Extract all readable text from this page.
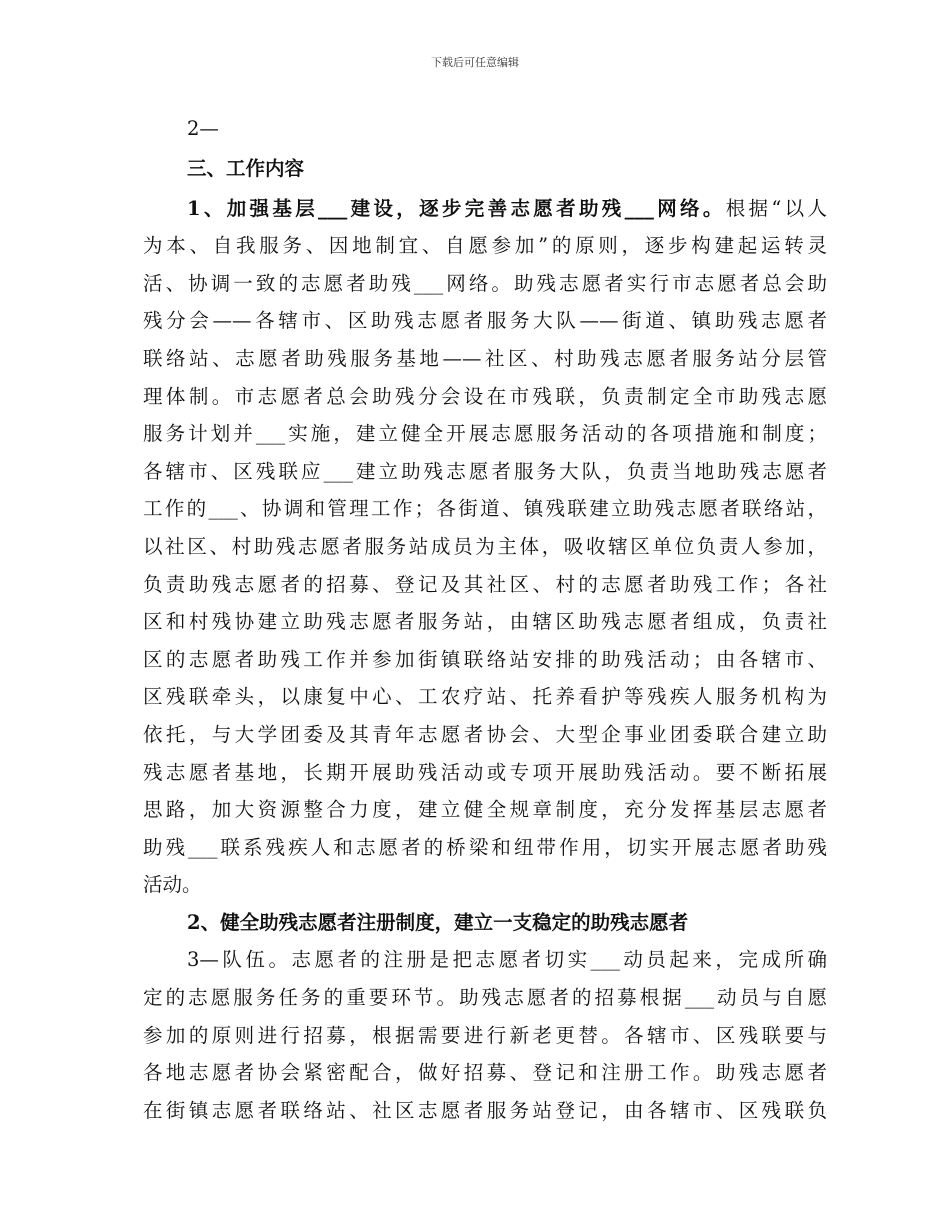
下载后可任意编辑
2—
三、工作内容
1、加强基层___建设，逐步完善志愿者助残___网络。根据“以人
为本、自我服务、因地制宜、自愿参加”的原则，逐步构建起运转灵
活、协调一致的志愿者助残___网络。助残志愿者实行市志愿者总会助
残分会——各辖市、区助残志愿者服务大队——街道、镇助残志愿者
联络站、志愿者助残服务基地——社区、村助残志愿者服务站分层管
理体制。市志愿者总会助残分会设在市残联，负责制定全市助残志愿
服务计划并___实施，建立健全开展志愿服务活动的各项措施和制度；
各辖市、区残联应___建立助残志愿者服务大队，负责当地助残志愿者
工作的___、协调和管理工作；各街道、镇残联建立助残志愿者联络站，
以社区、村助残志愿者服务站成员为主体，吸收辖区单位负责人参加，
负责助残志愿者的招募、登记及其社区、村的志愿者助残工作；各社
区和村残协建立助残志愿者服务站，由辖区助残志愿者组成，负责社
区的志愿者助残工作并参加街镇联络站安排的助残活动；由各辖市、
区残联牵头，以康复中心、工农疗站、托养看护等残疾人服务机构为
依托，与大学团委及其青年志愿者协会、大型企事业团委联合建立助
残志愿者基地，长期开展助残活动或专项开展助残活动。要不断拓展
思路，加大资源整合力度，建立健全规章制度，充分发挥基层志愿者
助残___联系残疾人和志愿者的桥梁和纽带作用，切实开展志愿者助残
活动。
2、健全助残志愿者注册制度，建立一支稳定的助残志愿者
3—队伍。志愿者的注册是把志愿者切实___动员起来，完成所确
定的志愿服务任务的重要环节。助残志愿者的招募根据___动员与自愿
参加的原则进行招募，根据需要进行新老更替。各辖市、区残联要与
各地志愿者协会紧密配合，做好招募、登记和注册工作。助残志愿者
在街镇志愿者联络站、社区志愿者服务站登记，由各辖市、区残联负
